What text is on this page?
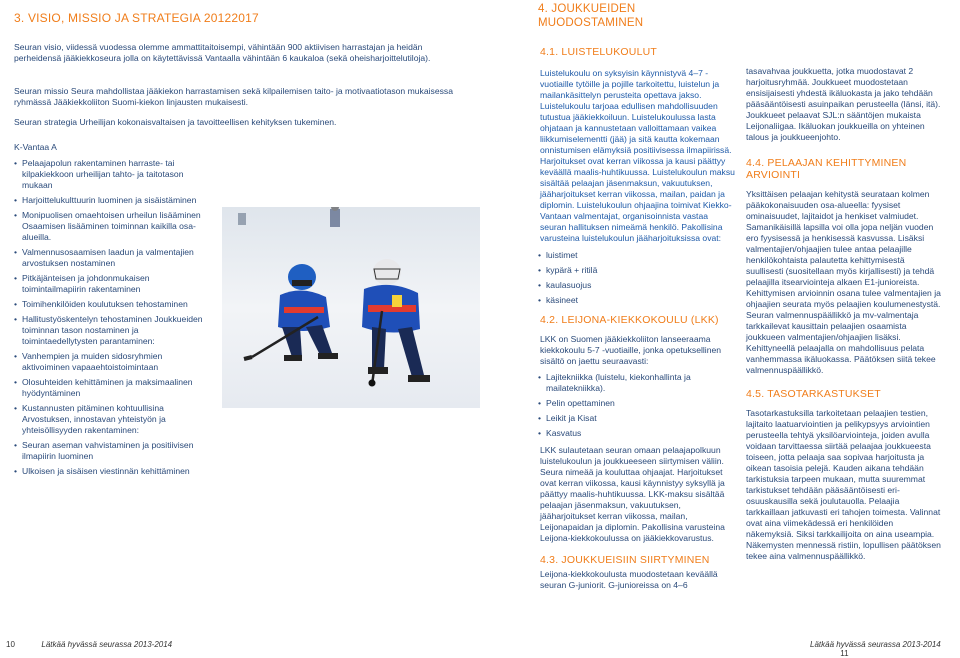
3. VISIO, MISSIO JA STRATEGIA 20122017

Seuran visio, viidessä vuodessa olemme ammattitaitoisempi, vähintään 900 aktiivisen harrastajan ja heidän perheidensä jääkiekkoseura jolla on käytettävissä Vantaalla vähintään 6 kaukaloa (sekä oheisharjoittelutiloja).

Seuran missio Seura mahdollistaa jääkiekon harrastamisen sekä kilpailemisen taito- ja motivaatiotason mukaisessa ryhmässä Jääkiekkoliiton Suomi-kiekon linjausten mukaisesti.

Seuran strategia Urheilijan kokonaisvaltaisen ja tavoitteellisen kehityksen tukeminen.

K-Vantaa A

• Pelaajapolun rakentaminen harraste- tai kilpakiekkoon urheilijan tahto- ja taitotason mukaan
• Harjoittelukulttuurin luominen ja sisäistäminen
• Monipuolisen omaehtoisen urheilun lisääminen Osaamisen lisääminen toiminnan kaikilla osa-alueilla.
• Valmennusosaamisen laadun ja valmentajien arvostuksen nostaminen
• Pitkäjänteisen ja johdonmukaisen toimintailmapiirin rakentaminen
• Toimihenkilöiden koulutuksen tehostaminen
• Hallitustyöskentelyn tehostaminen Joukkueiden toiminnan tason nostaminen ja toimintaedellytysten parantaminen:
• Vanhempien ja muiden sidosryhmien aktivoiminen vapaaehtoistoimintaan
• Olosuhteiden kehittäminen ja maksimaalinen hyödyntäminen
• Kustannusten pitäminen kohtuullisina Arvostuksen, innostavan yhteistyön ja yhteisöllisyyden rakentaminen:
• Seuran aseman vahvistaminen ja positiivisen ilmapiirin luominen
• Ulkoisen ja sisäisen viestinnän kehittäminen
10	Lätkää hyvässä seurassa 2013-2014
4. JOUKKUEIDEN
MUODOSTAMINEN

4.1. LUISTELUKOULUT

Luistelukoulu on syksyisin käynnistyvä 4–7 -vuotiaille tytöille ja pojille tarkoitettu, luistelun ja mailankäsittelyn perusteita opettava jakso. Luistelukoulu tarjoaa edullisen mahdollisuuden tutustua jääkiekkoiluun. Luistelukoulussa lasta ohjataan ja kannustetaan valloittamaan vaikea liikkumiselementti (jää) ja sitä kautta kokemaan onnistumisen elämyksiä positiivisessa ilmapiirissä. Harjoitukset ovat kerran viikossa ja kausi päättyy keväällä maalis-huhtikuussa. Luistelukoulun maksu sisältää pelaajan jäsenmaksun, vakuutuksen, jääharjoitukset kerran viikossa, mailan, paidan ja diplomin. Luistelukoulun ohjaajina toimivat Kiekko-Vantaan valmentajat, organisoinnista vastaa seuran hallituksen nimeämä henkilö. Pakollisina varusteina luistelukoulun jääharjoituksissa ovat:

• luistimet
• kypärä + ritilä
• kaulasuojus
• käsineet

4.2. LEIJONA-KIEKKOKOULU (LKK)

LKK on Suomen jääkiekkoliiton lanseeraama kiekkokoulu 5-7 -vuotiaille, jonka opetuksellinen sisältö on jaettu seuraavasti:

• Lajitekniikka (luistelu, kiekonhallinta ja mailatekniikka).
• Pelin opettaminen
• Leikit ja Kisat
• Kasvatus

LKK sulautetaan seuran omaan pelaajapolkuun luistelukoulun ja joukkueeseen siirtymisen väliin. Seura nimeää ja kouluttaa ohjaajat. Harjoitukset ovat kerran viikossa, kausi käynnistyy syksyllä ja päättyy maalis-huhtikuussa. LKK-maksu sisältää pelaajan jäsenmaksun, vakuutuksen, jääharjoitukset kerran viikossa, mailan, Leijonapaidan ja diplomin. Pakollisina varusteina Leijona-kiekkokoulussa on jääkiekkovarustus.

4.3. JOUKKUEISIIN SIIRTYMINEN

Leijona-kiekkokoulusta muodostetaan keväällä seuran G-juniorit. G-junioreissa on 4–6

tasavahvaa joukkuetta, jotka muodostavat 2 harjoitusryhmää. Joukkueet muodostetaan ensisijaisesti yhdestä ikäluokasta ja jako tehdään pääsääntöisesti asuinpaikan perusteella (länsi, itä). Joukkueet pelaavat SJL:n sääntöjen mukaista Leijonaliigaa. Ikäluokan joukkueilla on yhteinen talous ja joukkueenjohto.

4.4. PELAAJAN KEHITTYMINEN ARVIOINTI

Yksittäisen pelaajan kehitystä seurataan kolmen pääkokonaisuuden osa-alueella: fyysiset ominaisuudet, lajitaidot ja henkiset valmiudet. Samanikäisillä lapsilla voi olla jopa neljän vuoden ero fyysisessä ja henkisessä kasvussa. Lisäksi valmentajien/ohjaajien tulee antaa pelaajille henkilökohtaista palautetta kehittymisestä suullisesti (suositellaan myös kirjallisesti) ja tehdä pelaajilla itsearviointeja alkaen E1-junioreista. Kehittymisen arvioinnin osana tulee valmentajien ja ohjaajien seurata myös pelaajien koulumenestystä. Seuran valmennuspäällikkö ja mv-valmentaja tarkkailevat kausittain pelaajien osaamista joukkueen valmentajien/ohjaajien lisäksi. Kehittyneellä pelaajalla on mahdollisuus pelata vanhemmassa ikäluokassa. Päätöksen siitä tekee valmennuspäällikkö.

4.5. TASOTARKASTUKSET

Tasotarkastuksilla tarkoitetaan pelaajien testien, lajitaito laatuarviointien ja pelikypsyys arviointien perusteella tehtyä yksilöarviointeja, joiden avulla voidaan tarvittaessa siirtää pelaajaa joukkueesta toiseen, jotta pelaaja saa sopivaa harjoitusta ja oikean tasoisia pelejä. Kauden aikana tehdään tarkistuksia tarpeen mukaan, mutta suuremmat tarkistukset tehdään pääsääntöisesti eri-osuuskausilla sekä joulutauolla. Pelaajia tarkkaillaan jatkuvasti eri tahojen toimesta. Valinnat ovat aina viimekädessä eri henkilöiden näkemyksiä. Siksi tarkkailijoita on aina useampia. Näkemysten mennessä ristiin, lopullisen päätöksen tekee aina valmennuspäällikkö.

Lätkää hyvässä seurassa 2013-2014  11
